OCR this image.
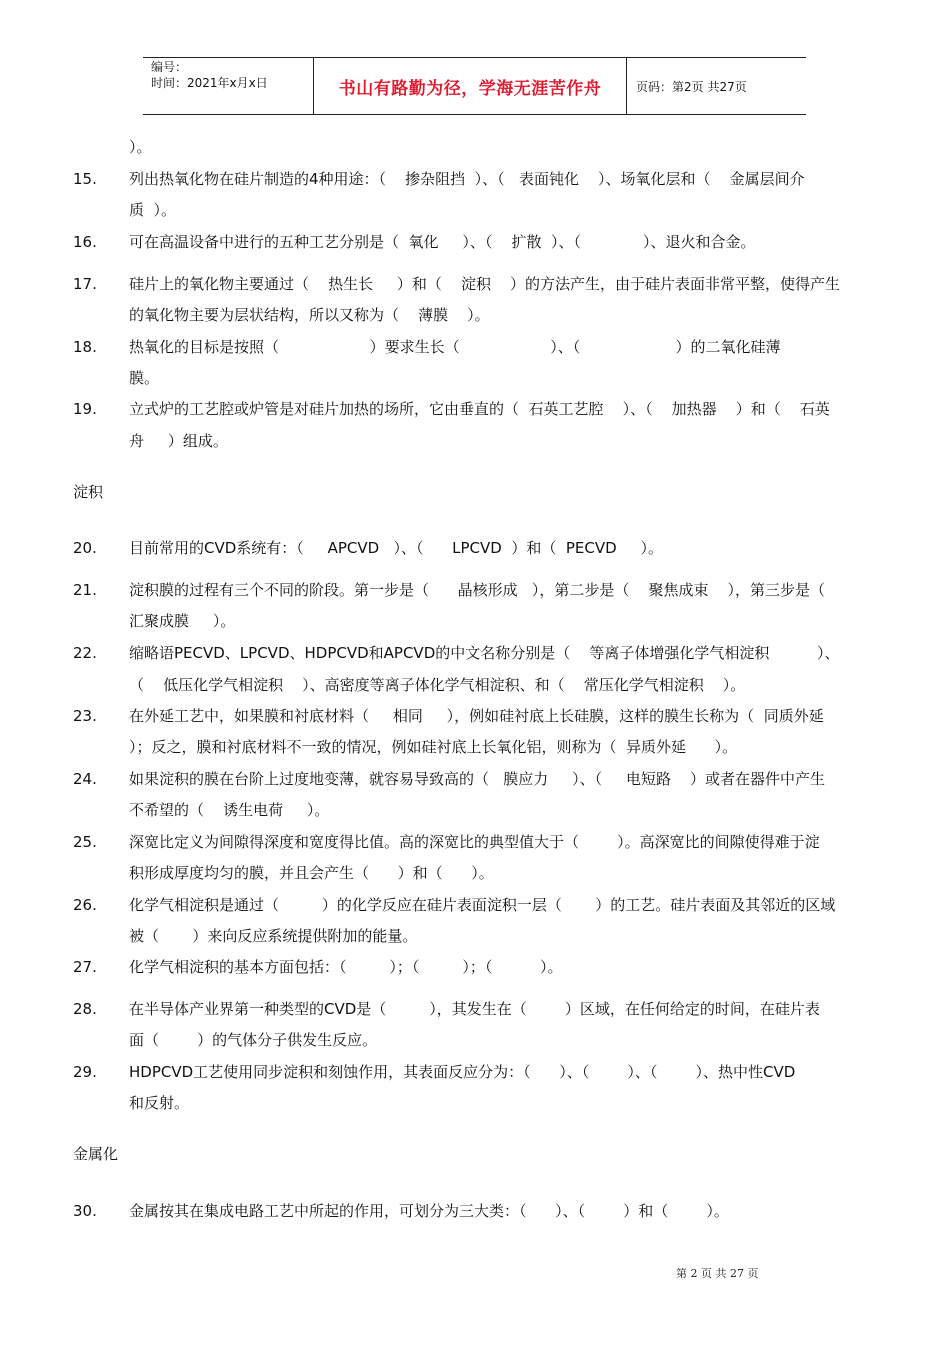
编号：
时间：2021年x月x日	书山有路勤为径，学海无涯苦作舟	页码：第2页 共27页
）。
15. 列出热氧化物在硅片制造的4种用途：（    掺杂阻挡  ）、（   表面钝化    ）、场氧化层和（    金属层间介
质  ）。
16. 可在高温设备中进行的五种工艺分别是（  氧化     ）、（    扩散  ）、（             ）、退火和合金。
17. 硅片上的氧化物主要通过（    热生长     ）和（    淀积    ）的方法产生，由于硅片表面非常平整，使得产生
的氧化物主要为层状结构，所以又称为（    薄膜    ）。
18. 热氧化的目标是按照（                   ）要求生长（                   ）、（                    ）的二氧化硅薄
膜。
19. 立式炉的工艺腔或炉管是对硅片加热的场所，它由垂直的（  石英工艺腔    ）、（    加热器    ）和（    石英
舟     ）组成。
淀积
20. 目前常用的CVD系统有：（     APCVD   ）、（      LPCVD  ）和（  PECVD     ）。
21. 淀积膜的过程有三个不同的阶段。第一步是（      晶核形成   ），第二步是（    聚焦成束    ），第三步是（
汇聚成膜     ）。
22. 缩略语PECVD、LPCVD、HDPCVD和APCVD的中文名称分别是（    等离子体增强化学气相淀积          ）、
（    低压化学气相淀积    ）、高密度等离子体化学气相淀积、和（    常压化学气相淀积    ）。
23. 在外延工艺中，如果膜和衬底材料（     相同     ），例如硅衬底上长硅膜，这样的膜生长称为（  同质外延
）；反之，膜和衬底材料不一致的情况，例如硅衬底上长氧化铝，则称为（  异质外延      ）。
24. 如果淀积的膜在台阶上过度地变薄，就容易导致高的（   膜应力     ）、（     电短路    ）或者在器件中产生
不希望的（    诱生电荷     ）。
25. 深宽比定义为间隙得深度和宽度得比值。高的深宽比的典型值大于（        ）。高深宽比的间隙使得难于淀
积形成厚度均匀的膜，并且会产生（      ）和（      ）。
26. 化学气相淀积是通过（         ）的化学反应在硅片表面淀积一层（       ）的工艺。硅片表面及其邻近的区域
被（       ）来向反应系统提供附加的能量。
27. 化学气相淀积的基本方面包括：（         ）；（         ）；（          ）。
28. 在半导体产业界第一种类型的CVD是（         ），其发生在（        ）区域，在任何给定的时间，在硅片表
面（        ）的气体分子供发生反应。
29. HDPCVD工艺使用同步淀积和刻蚀作用，其表面反应分为：（      ）、（        ）、（        ）、热中性CVD
和反射。
金属化
30. 金属按其在集成电路工艺中所起的作用，可划分为三大类：（      ）、（        ）和（        ）。
第 2 页 共 27 页
